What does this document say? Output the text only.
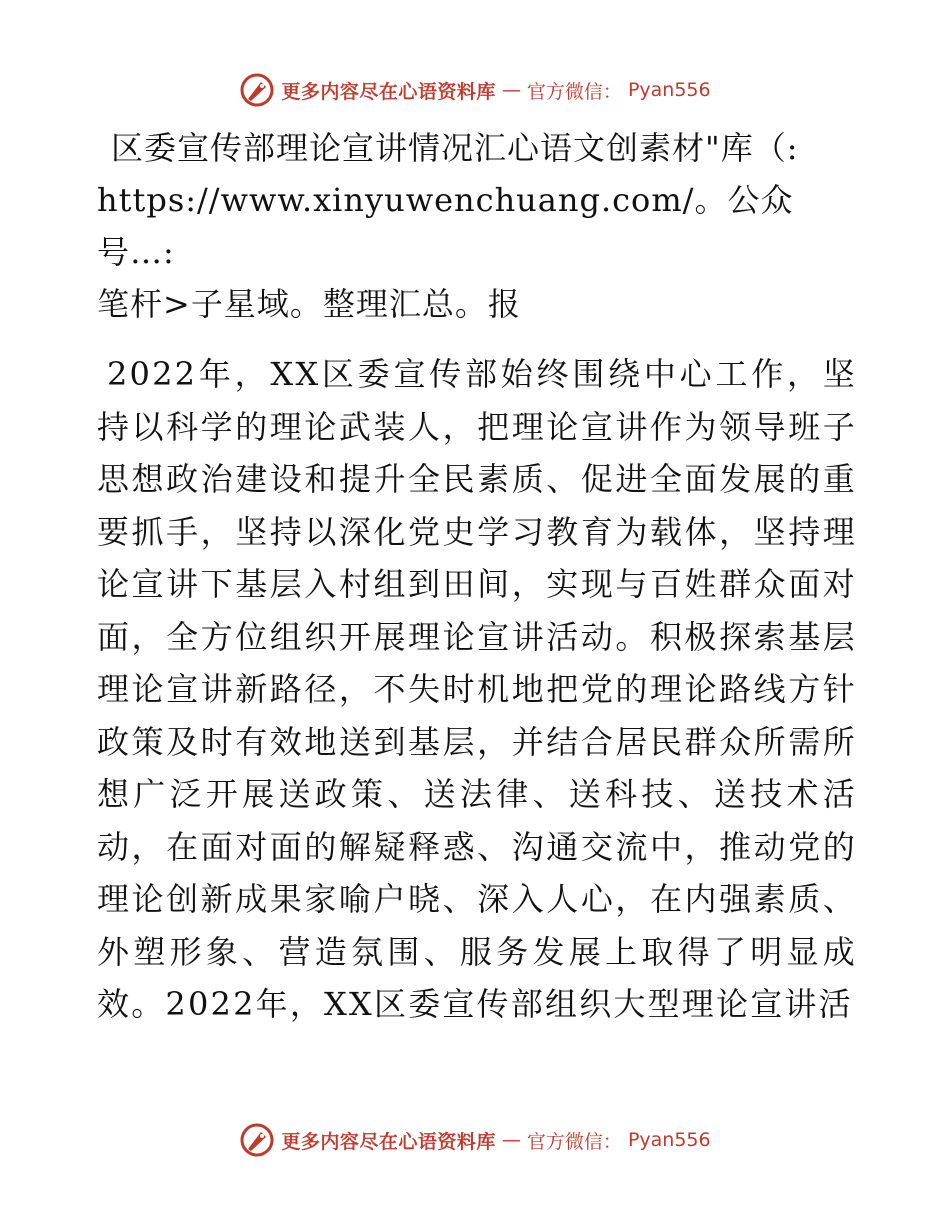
更多内容尽在心语资料库 — 官方微信： Pyan556
区委宣传部理论宣讲情况汇心语文创素材"库（:
https://www.xinyuwenchuang.com/。公众号…:
笔杆>子星域。整理汇总。报

2022年，XX区委宣传部始终围绕中心工作，坚持以科学的理论武装人，把理论宣讲作为领导班子思想政治建设和提升全民素质、促进全面发展的重要抓手，坚持以深化党史学习教育为载体，坚持理论宣讲下基层入村组到田间，实现与百姓群众面对面，全方位组织开展理论宣讲活动。积极探索基层理论宣讲新路径，不失时机地把党的理论路线方针政策及时有效地送到基层，并结合居民群众所需所想广泛开展送政策、送法律、送科技、送技术活动，在面对面的解疑释惑、沟通交流中，推动党的理论创新成果家喻户晓、深入人心，在内强素质、外塑形象、营造氛围、服务发展上取得了明显成效。2022年，XX区委宣传部组织大型理论宣讲活

更多内容尽在心语资料库 — 官方微信： Pyan556
